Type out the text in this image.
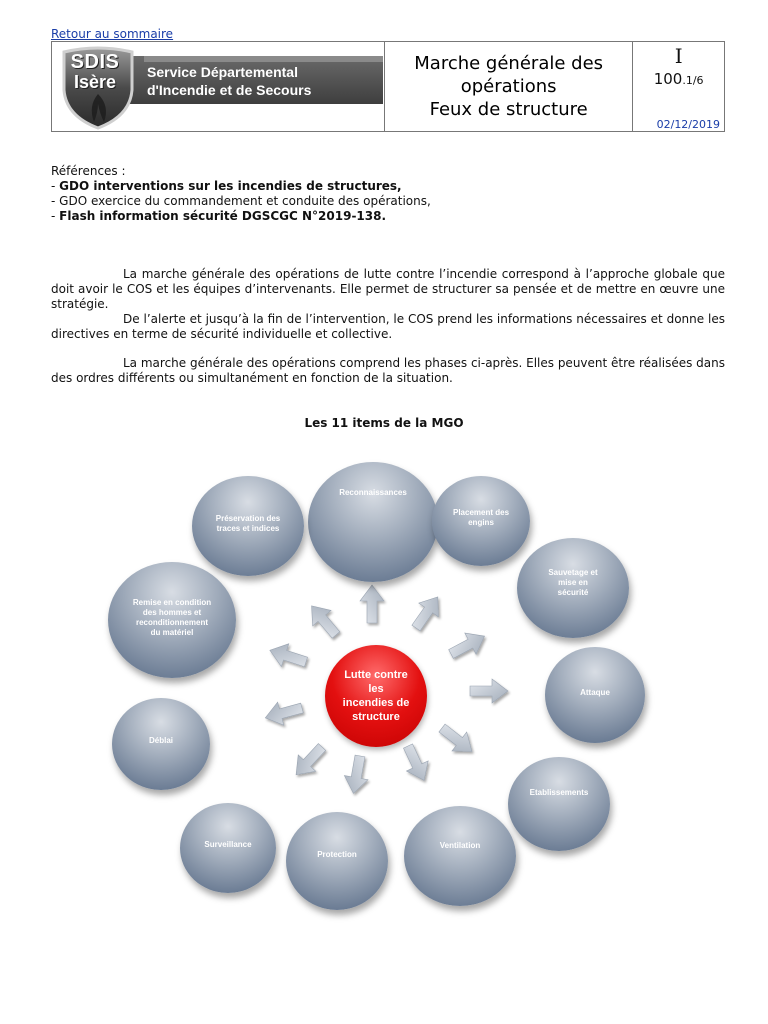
Retour au sommaire
Service Départemental
d'Incendie et de Secours
SDIS
Isère
Marche générale des
opérations
Feux de structure
I
100.1/6
02/12/2019
Références :
- GDO interventions sur les incendies de structures,
- GDO exercice du commandement et conduite des opérations,
- Flash information sécurité DGSCGC N°2019-138.

La marche générale des opérations de lutte contre l’incendie correspond à l’approche globale que doit avoir le COS et les équipes d’intervenants. Elle permet de structurer sa pensée et de mettre en œuvre une stratégie.

De l’alerte et jusqu’à la fin de l’intervention, le COS prend les informations nécessaires et donne les directives en terme de sécurité individuelle et collective.

La marche générale des opérations comprend les phases ci-après. Elles peuvent être réalisées dans des ordres différents ou simultanément en fonction de la situation.

Les 11 items de la MGO
Reconnaissances
Placement des
engins
Sauvetage et
mise en
sécurité
Attaque
Etablissements
Ventilation
Protection
Surveillance
Déblai
Remise en condition
des hommes et
reconditionnement
du matériel
Préservation des
traces et indices
Lutte contre
les
incendies de
structure
